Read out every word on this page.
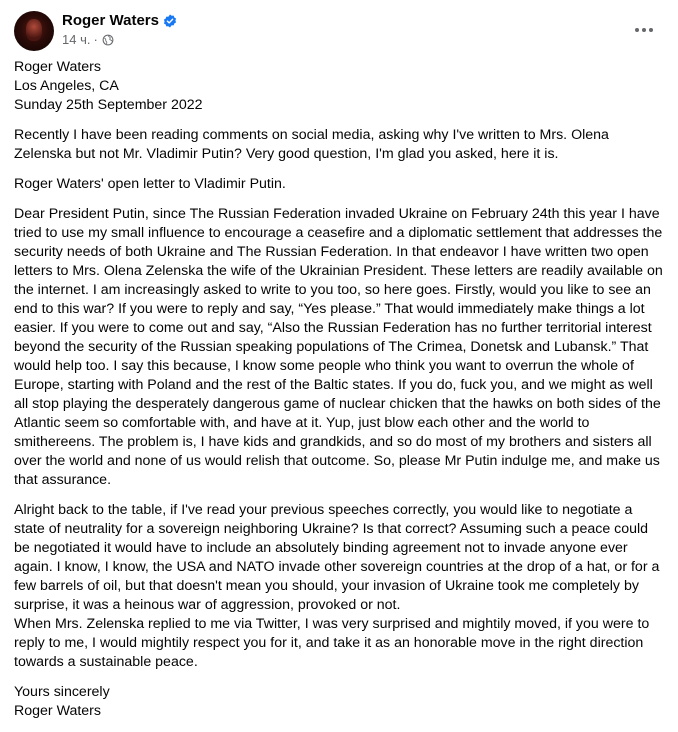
Roger Waters
14 ч. ·

Roger Waters
Los Angeles, CA
Sunday 25th September 2022

Recently I have been reading comments on social media, asking why I've written to Mrs. Olena Zelenska but not Mr. Vladimir Putin? Very good question, I'm glad you asked, here it is.

Roger Waters' open letter to Vladimir Putin.

Dear President Putin, since The Russian Federation invaded Ukraine on February 24th this year I have tried to use my small influence to encourage a ceasefire and a diplomatic settlement that addresses the security needs of both Ukraine and The Russian Federation. In that endeavor I have written two open letters to Mrs. Olena Zelenska the wife of the Ukrainian President. These letters are readily available on the internet. I am increasingly asked to write to you too, so here goes. Firstly, would you like to see an end to this war? If you were to reply and say, “Yes please.” That would immediately make things a lot easier. If you were to come out and say, “Also the Russian Federation has no further territorial interest beyond the security of the Russian speaking populations of The Crimea, Donetsk and Lubansk.” That would help too. I say this because, I know some people who think you want to overrun the whole of Europe, starting with Poland and the rest of the Baltic states. If you do, fuck you, and we might as well all stop playing the desperately dangerous game of nuclear chicken that the hawks on both sides of the Atlantic seem so comfortable with, and have at it. Yup, just blow each other and the world to smithereens. The problem is, I have kids and grandkids, and so do most of my brothers and sisters all over the world and none of us would relish that outcome. So, please Mr Putin indulge me, and make us that assurance.

Alright back to the table, if I've read your previous speeches correctly, you would like to negotiate a state of neutrality for a sovereign neighboring Ukraine? Is that correct? Assuming such a peace could be negotiated it would have to include an absolutely binding agreement not to invade anyone ever again. I know, I know, the USA and NATO invade other sovereign countries at the drop of a hat, or for a few barrels of oil, but that doesn't mean you should, your invasion of Ukraine took me completely by surprise, it was a heinous war of aggression, provoked or not.

When Mrs. Zelenska replied to me via Twitter, I was very surprised and mightily moved, if you were to reply to me, I would mightily respect you for it, and take it as an honorable move in the right direction towards a sustainable peace.

Yours sincerely
Roger Waters
